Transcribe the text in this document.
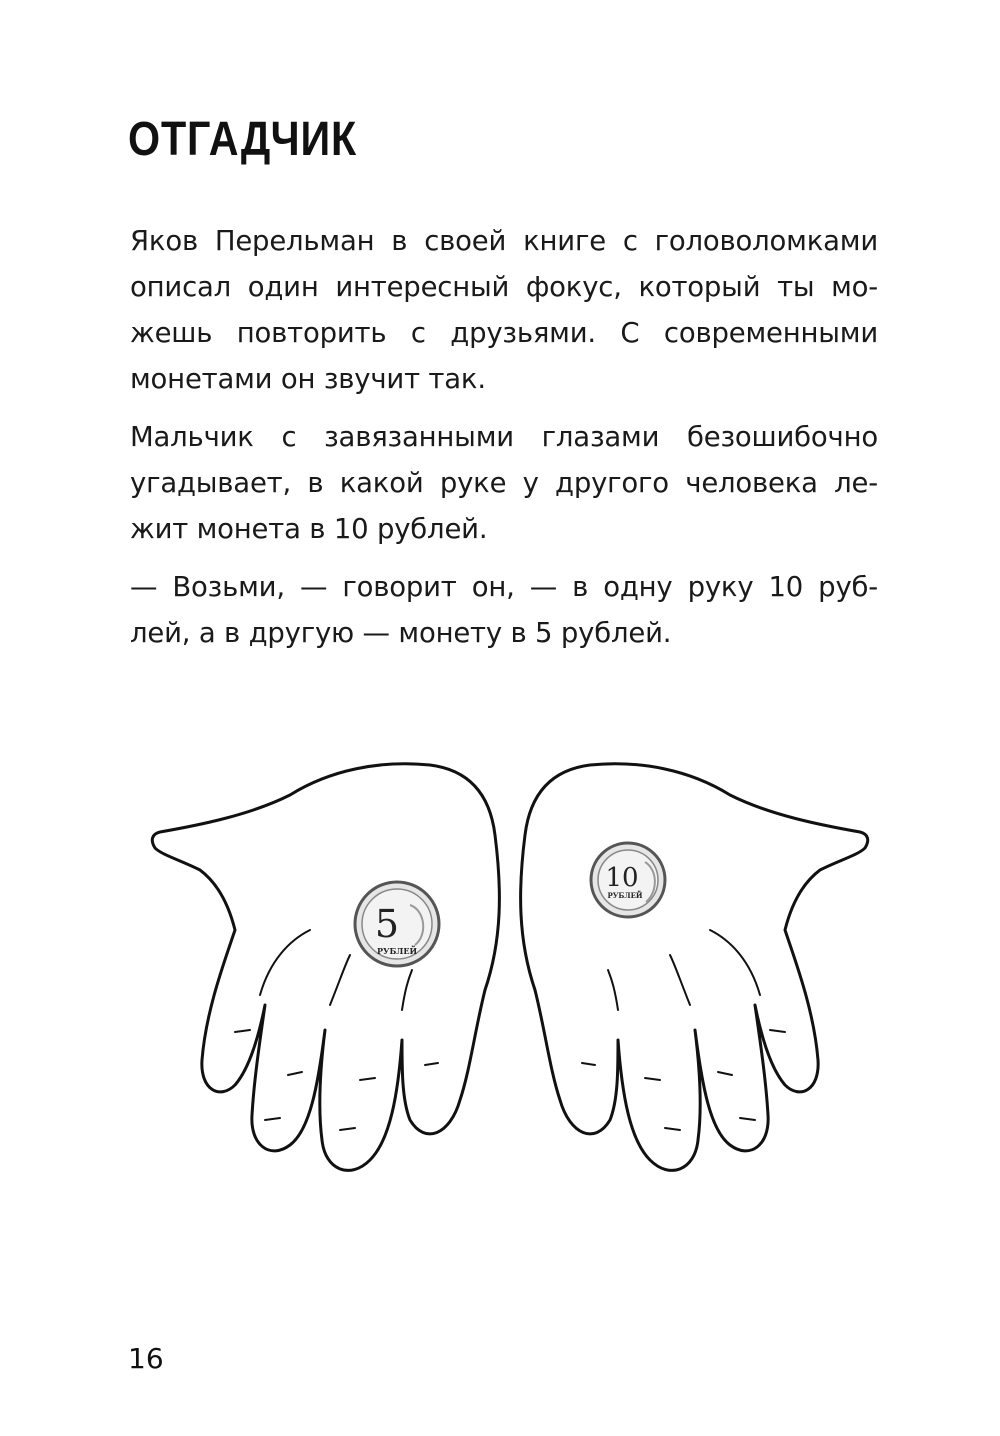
ОТГАДЧИК

Яков Перельман в своей книге с головоломками
описал один интересный фокус, который ты мо-
жешь повторить с друзьями. С современными
монетами он звучит так.

Мальчик с завязанными глазами безошибочно
угадывает, в какой руке у другого человека ле-
жит монета в 10 рублей.

— Возьми, — говорит он, — в одну руку 10 руб-
лей, а в другую — монету в 5 рублей.

5
РУБЛЕЙ
10
РУБЛЕЙ
16
